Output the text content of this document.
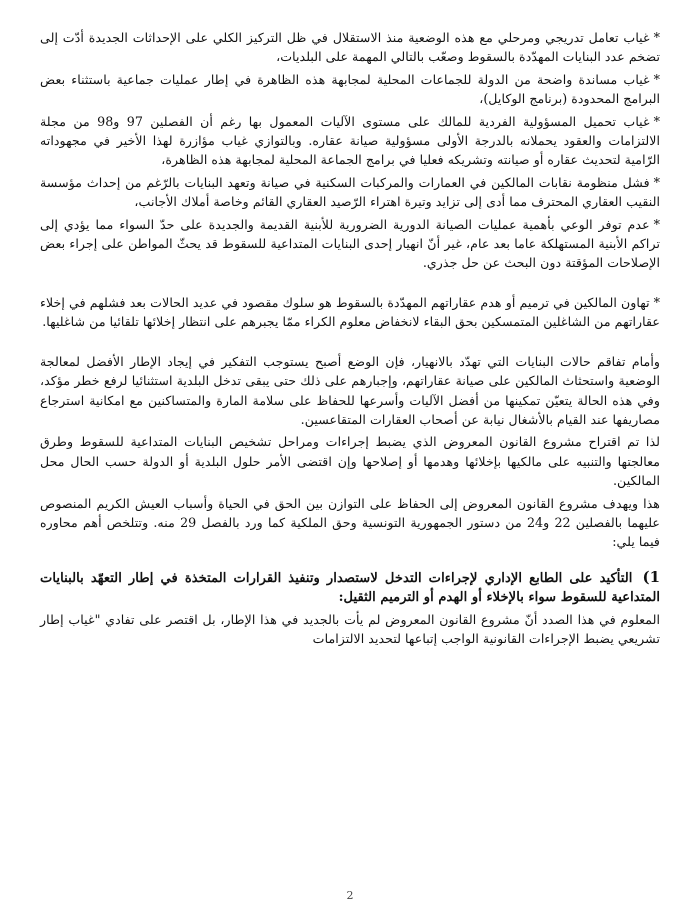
*غياب تعامل تدريجي ومرحلي مع هذه الوضعية منذ الاستقلال في ظل التركيز الكلي على الإحداثات الجديدة أدّت إلى تضخم عدد البنايات المهدّدة بالسقوط وصعّب بالتالي المهمة على البلديات،

*غياب مساندة واضحة من الدولة للجماعات المحلية لمجابهة هذه الظاهرة في إطار عمليات جماعية باستثناء بعض البرامج المحدودة (برنامج الوكايل)،

*غياب تحميل المسؤولية الفردية للمالك على مستوى الآليات المعمول بها رغم أن الفصلين 97 و98 من مجلة الالتزامات والعقود يحملانه بالدرجة الأولى مسؤولية صيانة عقاره. وبالتوازي غياب مؤازرة لهذا الأخير في مجهوداته الرّامية لتحديث عقاره أو صيانته وتشريكه فعليا في برامج الجماعة المحلية لمجابهة هذه الظاهرة،

*فشل منظومة نقابات المالكين في العمارات والمركبات السكنية في صيانة وتعهد البنايات بالرّغم من إحداث مؤسسة النقيب العقاري المحترف مما أدى إلى تزايد وتيرة اهتراء الرّصيد العقاري القائم وخاصة أملاك الأجانب،

*عدم توفر الوعي بأهمية عمليات الصيانة الدورية الضرورية للأبنية القديمة والجديدة على حدّ السواء مما يؤدي إلى تراكم الأبنية المستهلكة عاما بعد عام، غير أنّ انهيار إحدى البنايات المتداعية للسقوط قد يحثّ المواطن على إجراء بعض الإصلاحات المؤقتة دون البحث عن حل جذري.

*تهاون المالكين في ترميم أو هدم عقاراتهم المهدّدة بالسقوط هو سلوك مقصود في عديد الحالات بعد فشلهم في إخلاء عقاراتهم من الشاغلين المتمسكين بحق البقاء لانخفاض معلوم الكراء ممّا يجبرهم على انتظار إخلائها تلقائيا من شاغليها.

وأمام تفاقم حالات البنايات التي تهدّد بالانهيار، فإن الوضع أصبح يستوجب التفكير في إيجاد الإطار الأفضل لمعالجة الوضعية واستحثاث المالكين على صيانة عقاراتهم، وإجبارهم على ذلك حتى يبقى تدخل البلدية استثنائيا لرفع خطر مؤكد، وفي هذه الحالة يتعيّن تمكينها من أفضل الآليات وأسرعها للحفاظ على سلامة المارة والمتساكنين مع امكانية استرجاع مصاريفها عند القيام بالأشغال نيابة عن أصحاب العقارات المتقاعسين.

لذا تم اقتراح مشروع القانون المعروض الذي يضبط إجراءات ومراحل تشخيص البنايات المتداعية للسقوط وطرق معالجتها والتنبيه على مالكيها بإخلائها وهدمها أو إصلاحها وإن اقتضى الأمر حلول البلدية أو الدولة حسب الحال محل المالكين.

هذا ويهدف مشروع القانون المعروض إلى الحفاظ على التوازن بين الحق في الحياة وأسباب العيش الكريم المنصوص عليهما بالفصلين 22 و24 من دستور الجمهورية التونسية وحق الملكية كما ورد بالفصل 29 منه. وتتلخص أهم محاوره فيما يلي:

1)التأكيد على الطابع الإداري لإجراءات التدخل لاستصدار وتنفيذ القرارات المتخذة في إطار التعهّد بالبنايات المتداعية للسقوط سواء بالإخلاء أو الهدم أو الترميم الثقيل:

المعلوم في هذا الصدد أنّ مشروع القانون المعروض لم يأت بالجديد في هذا الإطار، بل اقتصر على تفادي "غياب إطار تشريعي يضبط الإجراءات القانونية الواجب إتباعها لتحديد الالتزامات

2
